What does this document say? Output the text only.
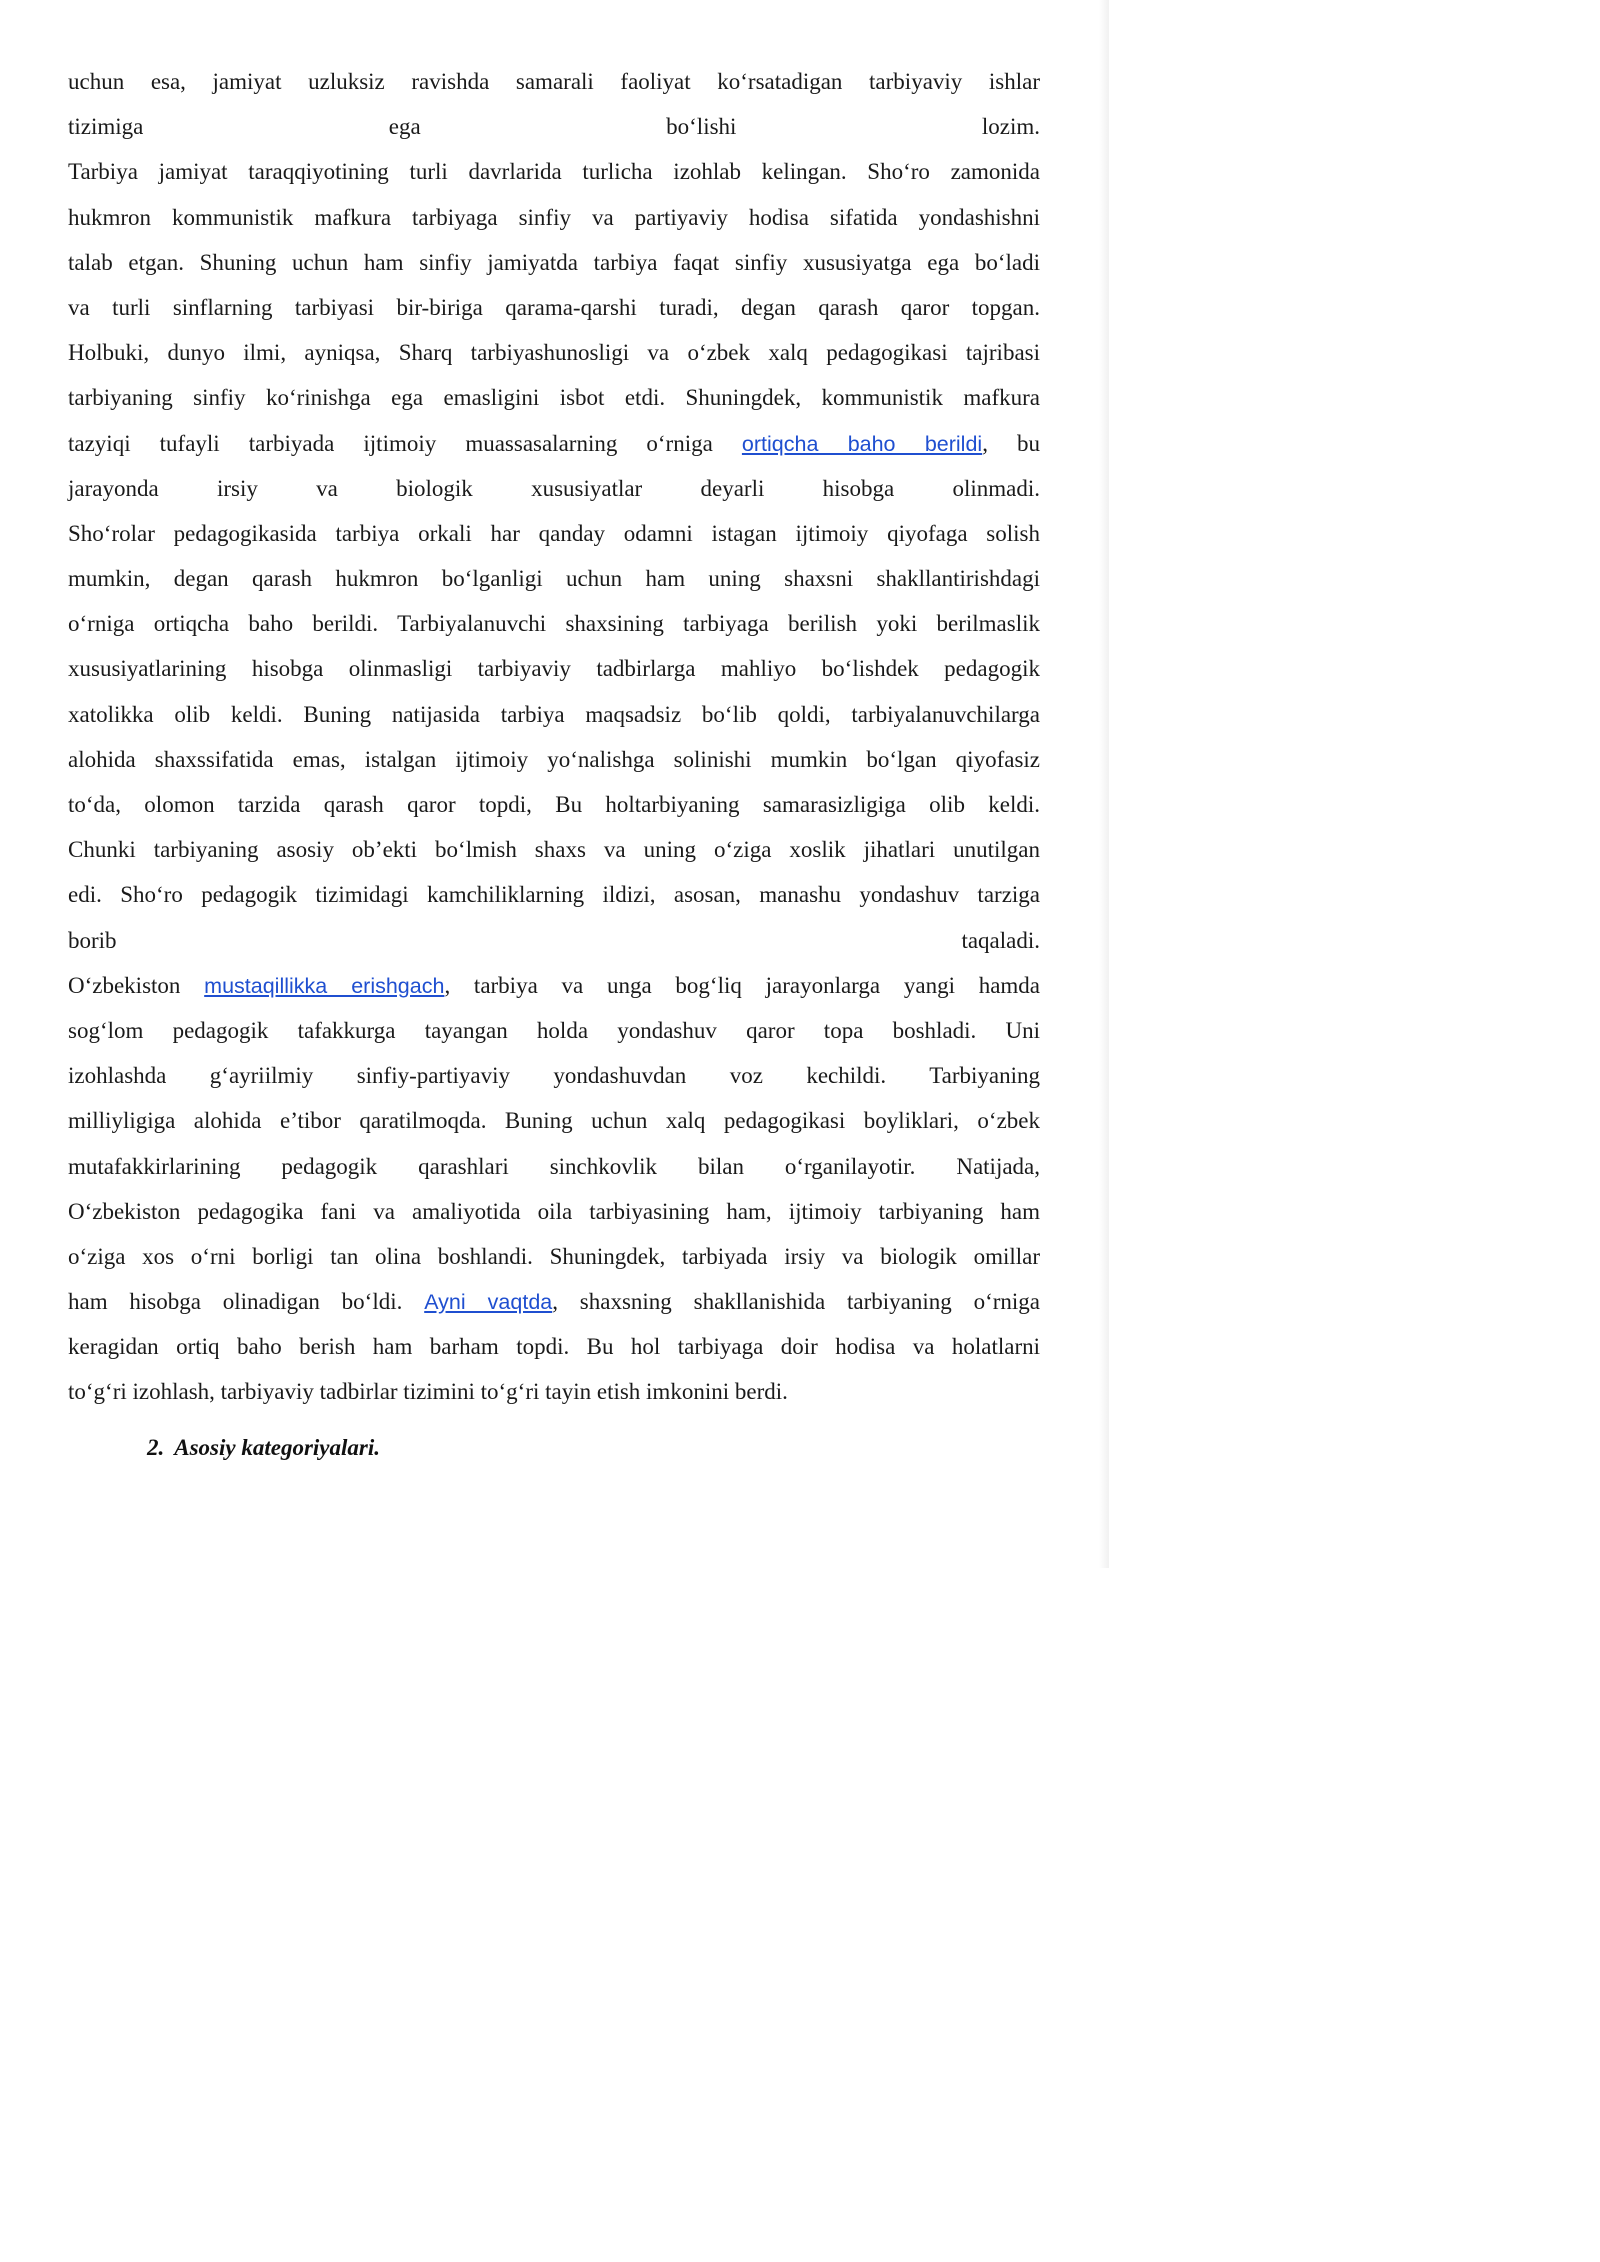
uchun esa, jamiyat uzluksiz ravishda samarali faoliyat ko‘rsatadigan tarbiyaviy ishlar
tizimiga ega bo‘lishi lozim.
Tarbiya jamiyat taraqqiyotining turli davrlarida turlicha izohlab kelingan. Sho‘ro zamonida
hukmron kommunistik mafkura tarbiyaga sinfiy va partiyaviy hodisa sifatida yondashishni
talab etgan. Shuning uchun ham sinfiy jamiyatda tarbiya faqat sinfiy xususiyatga ega bo‘ladi
va turli sinflarning tarbiyasi bir-biriga qarama-qarshi turadi, degan qarash qaror topgan.
Holbuki, dunyo ilmi, ayniqsa, Sharq tarbiyashunosligi va o‘zbek xalq pedagogikasi tajribasi
tarbiyaning sinfiy ko‘rinishga ega emasligini isbot etdi. Shuningdek, kommunistik mafkura
tazyiqi tufayli tarbiyada ijtimoiy muassasalarning o‘rniga ortiqcha baho berildi, bu
jarayonda irsiy va biologik xususiyatlar deyarli hisobga olinmadi.
Sho‘rolar pedagogikasida tarbiya orkali har qanday odamni istagan ijtimoiy qiyofaga solish
mumkin, degan qarash hukmron bo‘lganligi uchun ham uning shaxsni shakllantirishdagi
o‘rniga ortiqcha baho berildi. Tarbiyalanuvchi shaxsining tarbiyaga berilish yoki berilmaslik
xususiyatlarining hisobga olinmasligi tarbiyaviy tadbirlarga mahliyo bo‘lishdek pedagogik
xatolikka olib keldi. Buning natijasida tarbiya maqsadsiz bo‘lib qoldi, tarbiyalanuvchilarga
alohida shaxssifatida emas, istalgan ijtimoiy yo‘nalishga solinishi mumkin bo‘lgan qiyofasiz
to‘da, olomon tarzida qarash qaror topdi, Bu holtarbiyaning samarasizligiga olib keldi.
Chunki tarbiyaning asosiy ob’ekti bo‘lmish shaxs va uning o‘ziga xoslik jihatlari unutilgan
edi. Sho‘ro pedagogik tizimidagi kamchiliklarning ildizi, asosan, manashu yondashuv tarziga
borib taqaladi.
O‘zbekiston mustaqillikka erishgach, tarbiya va unga bog‘liq jarayonlarga yangi hamda
sog‘lom pedagogik tafakkurga tayangan holda yondashuv qaror topa boshladi. Uni
izohlashda g‘ayriilmiy sinfiy-partiyaviy yondashuvdan voz kechildi. Tarbiyaning
milliyligiga alohida e’tibor qaratilmoqda. Buning uchun xalq pedagogikasi boyliklari, o‘zbek
mutafakkirlarining pedagogik qarashlari sinchkovlik bilan o‘rganilayotir. Natijada,
O‘zbekiston pedagogika fani va amaliyotida oila tarbiyasining ham, ijtimoiy tarbiyaning ham
o‘ziga xos o‘rni borligi tan olina boshlandi. Shuningdek, tarbiyada irsiy va biologik omillar
ham hisobga olinadigan bo‘ldi. Ayni vaqtda, shaxsning shakllanishida tarbiyaning o‘rniga
keragidan ortiq baho berish ham barham topdi. Bu hol tarbiyaga doir hodisa va holatlarni
to‘g‘ri izohlash, tarbiyaviy tadbirlar tizimini to‘g‘ri tayin etish imkonini berdi.
2. Asosiy kategoriyalari.
